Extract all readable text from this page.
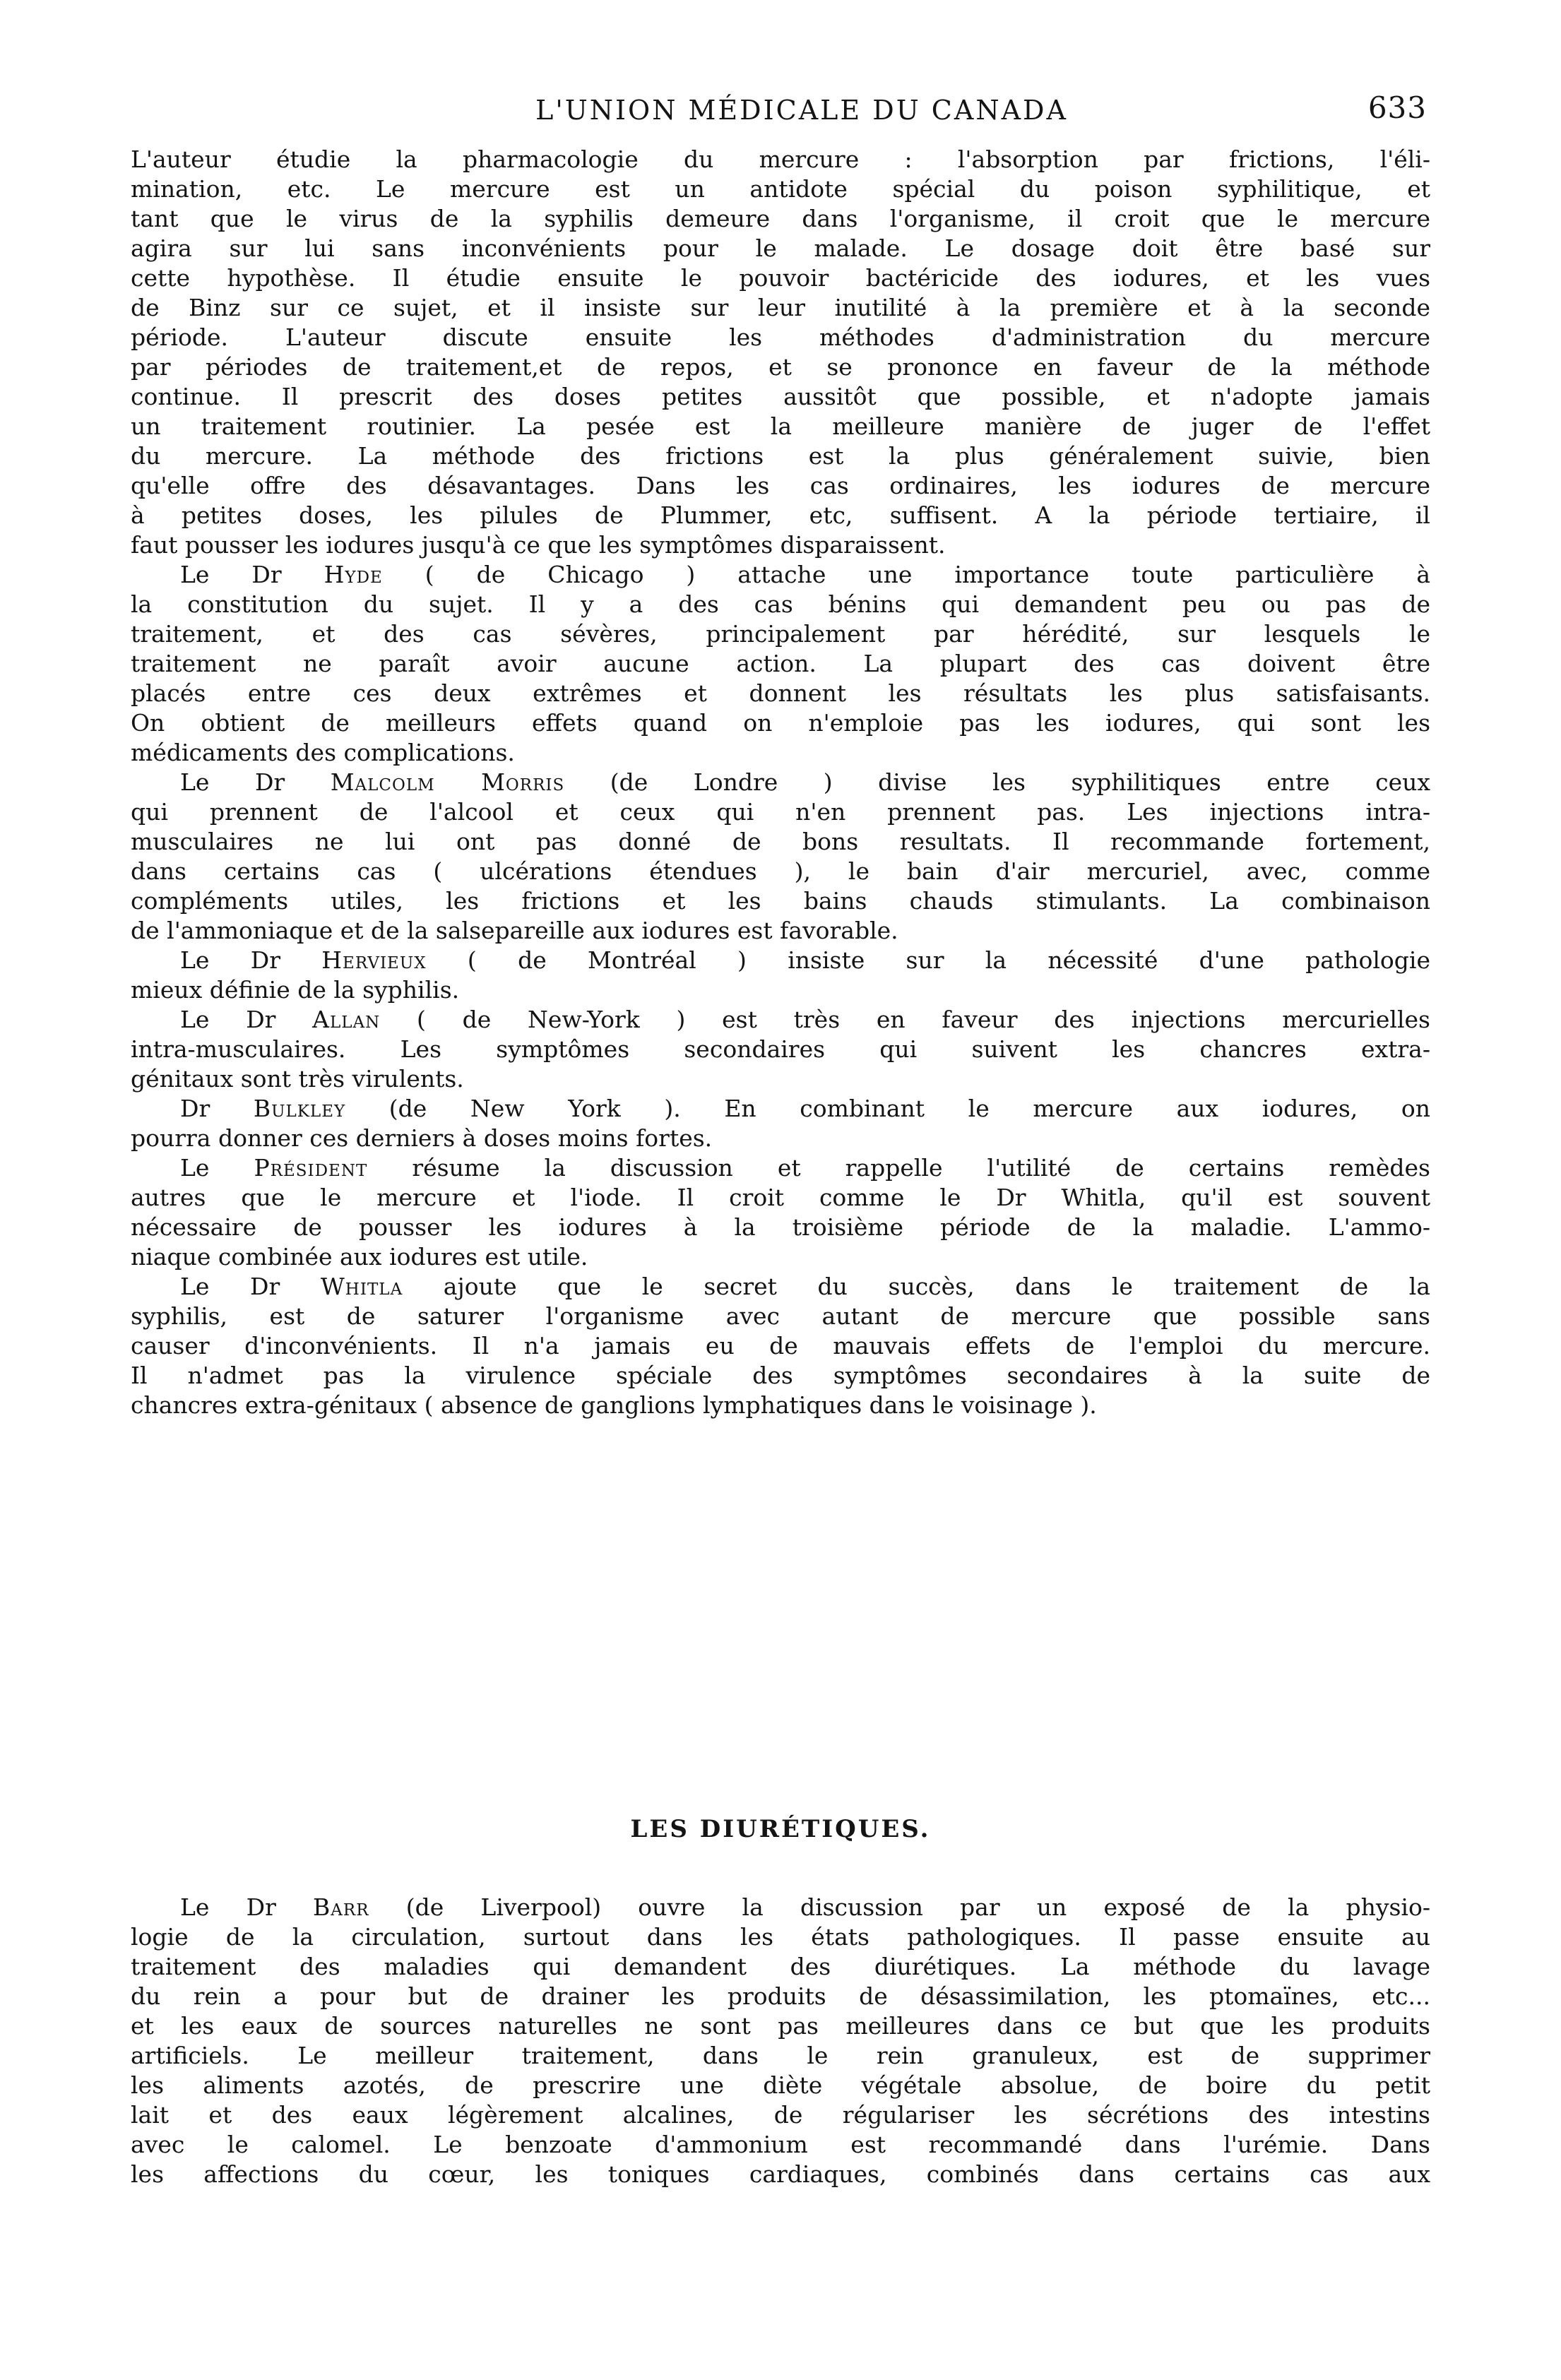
L'UNION MÉDICALE DU CANADA	633
L'auteur étudie la pharmacologie du mercure : l'absorption par frictions, l'éli-
mination, etc. Le mercure est un antidote spécial du poison syphilitique, et
tant que le virus de la syphilis demeure dans l'organisme, il croit que le mercure
agira sur lui sans inconvénients pour le malade. Le dosage doit être basé sur
cette hypothèse. Il étudie ensuite le pouvoir bactéricide des iodures, et les vues
de Binz sur ce sujet, et il insiste sur leur inutilité à la première et à la seconde
période. L'auteur discute ensuite les méthodes d'administration du mercure
par périodes de traitement,et de repos, et se prononce en faveur de la méthode
continue. Il prescrit des doses petites aussitôt que possible, et n'adopte jamais
un traitement routinier. La pesée est la meilleure manière de juger de l'effet
du mercure. La méthode des frictions est la plus généralement suivie, bien
qu'elle offre des désavantages. Dans les cas ordinaires, les iodures de mercure
à petites doses, les pilules de Plummer, etc, suffisent. A la période tertiaire, il
faut pousser les iodures jusqu'à ce que les symptômes disparaissent.
Le Dr Hyde ( de Chicago ) attache une importance toute particulière à
la constitution du sujet. Il y a des cas bénins qui demandent peu ou pas de
traitement, et des cas sévères, principalement par hérédité, sur lesquels le
traitement ne paraît avoir aucune action. La plupart des cas doivent être
placés entre ces deux extrêmes et donnent les résultats les plus satisfaisants.
On obtient de meilleurs effets quand on n'emploie pas les iodures, qui sont les
médicaments des complications.
Le Dr Malcolm Morris (de Londre ) divise les syphilitiques entre ceux
qui prennent de l'alcool et ceux qui n'en prennent pas. Les injections intra-
musculaires ne lui ont pas donné de bons resultats. Il recommande fortement,
dans certains cas ( ulcérations étendues ), le bain d'air mercuriel, avec, comme
compléments utiles, les frictions et les bains chauds stimulants. La combinaison
de l'ammoniaque et de la salsepareille aux iodures est favorable.
Le Dr Hervieux ( de Montréal ) insiste sur la nécessité d'une pathologie
mieux définie de la syphilis.
Le Dr Allan ( de New-York ) est très en faveur des injections mercurielles
intra-musculaires. Les symptômes secondaires qui suivent les chancres extra-
génitaux sont très virulents.
Dr Bulkley (de New York ). En combinant le mercure aux iodures, on
pourra donner ces derniers à doses moins fortes.
Le Président résume la discussion et rappelle l'utilité de certains remèdes
autres que le mercure et l'iode. Il croit comme le Dr Whitla, qu'il est souvent
nécessaire de pousser les iodures à la troisième période de la maladie. L'ammo-
niaque combinée aux iodures est utile.
Le Dr Whitla ajoute que le secret du succès, dans le traitement de la
syphilis, est de saturer l'organisme avec autant de mercure que possible sans
causer d'inconvénients. Il n'a jamais eu de mauvais effets de l'emploi du mercure.
Il n'admet pas la virulence spéciale des symptômes secondaires à la suite de
chancres extra-génitaux ( absence de ganglions lymphatiques dans le voisinage ).
LES DIURÉTIQUES.
Le Dr Barr (de Liverpool) ouvre la discussion par un exposé de la physio-
logie de la circulation, surtout dans les états pathologiques. Il passe ensuite au
traitement des maladies qui demandent des diurétiques. La méthode du lavage
du rein a pour but de drainer les produits de désassimilation, les ptomaïnes, etc...
et les eaux de sources naturelles ne sont pas meilleures dans ce but que les produits
artificiels. Le meilleur traitement, dans le rein granuleux, est de supprimer
les aliments azotés, de prescrire une diète végétale absolue, de boire du petit
lait et des eaux légèrement alcalines, de régulariser les sécrétions des intestins
avec le calomel. Le benzoate d'ammonium est recommandé dans l'urémie. Dans
les affections du cœur, les toniques cardiaques, combinés dans certains cas aux
